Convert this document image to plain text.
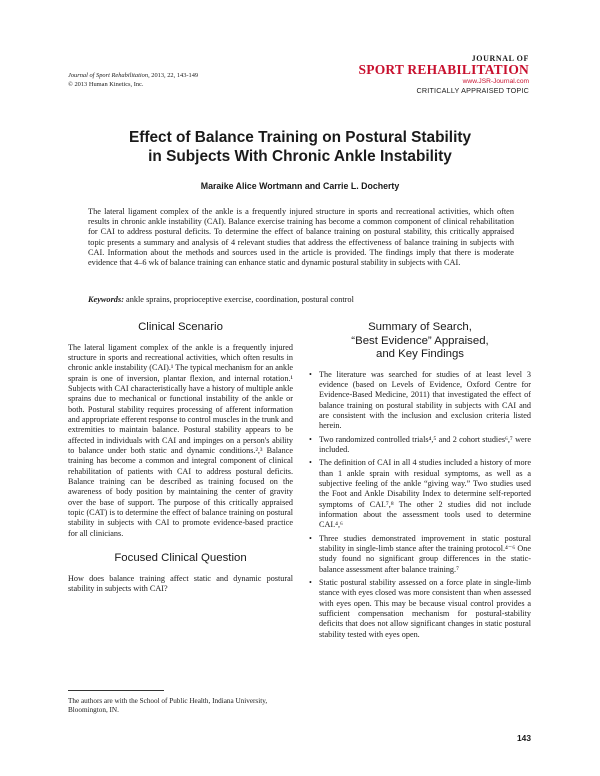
Journal of Sport Rehabilitation, 2013, 22, 143-149
© 2013 Human Kinetics, Inc.
JOURNAL OF
SPORT REHABILITATION
www.JSR-Journal.com
CRITICALLY APPRAISED TOPIC
Effect of Balance Training on Postural Stability
in Subjects With Chronic Ankle Instability
Maraike Alice Wortmann and Carrie L. Docherty
The lateral ligament complex of the ankle is a frequently injured structure in sports and recreational activities, which often results in chronic ankle instability (CAI). Balance exercise training has become a common component of clinical rehabilitation for CAI to address postural deficits. To determine the effect of balance training on postural stability, this critically appraised topic presents a summary and analysis of 4 relevant studies that address the effectiveness of balance training in subjects with CAI. Information about the methods and sources used in the article is provided. The findings imply that there is moderate evidence that 4–6 wk of balance training can enhance static and dynamic postural stability in subjects with CAI.
Keywords: ankle sprains, proprioceptive exercise, coordination, postural control
Clinical Scenario

The lateral ligament complex of the ankle is a frequently injured structure in sports and recreational activities, which often results in chronic ankle instability (CAI).¹ The typical mechanism for an ankle sprain is one of inversion, plantar flexion, and internal rotation.¹ Subjects with CAI characteristically have a history of multiple ankle sprains due to mechanical or functional instability of the ankle or both. Postural stability requires processing of afferent information and appropriate efferent response to control muscles in the trunk and extremities to maintain balance. Postural stability appears to be affected in individuals with CAI and impinges on a person's ability to balance under both static and dynamic conditions.²,³ Balance training has become a common and integral component of clinical rehabilitation of patients with CAI to address postural deficits. Balance training can be described as training focused on the awareness of body position by maintaining the center of gravity over the base of support. The purpose of this critically appraised topic (CAT) is to determine the effect of balance training on postural stability in subjects with CAI to promote evidence-based practice for all clinicians.

Focused Clinical Question

How does balance training affect static and dynamic postural stability in subjects with CAI?

The authors are with the School of Public Health, Indiana University, Bloomington, IN.
Summary of Search,
“Best Evidence” Appraised,
and Key Findings
• The literature was searched for studies of at least level 3 evidence (based on Levels of Evidence, Oxford Centre for Evidence-Based Medicine, 2011) that investigated the effect of balance training on postural stability in subjects with CAI and are consistent with the inclusion and exclusion criteria listed herein.
• Two randomized controlled trials⁴,⁵ and 2 cohort studies⁶,⁷ were included.
• The definition of CAI in all 4 studies included a history of more than 1 ankle sprain with residual symptoms, as well as a subjective feeling of the ankle “giving way.” Two studies used the Foot and Ankle Disability Index to determine self-reported symptoms of CAI.⁷,⁸ The other 2 studies did not include information about the assessment tools used to determine CAI.⁴,⁶
• Three studies demonstrated improvement in static postural stability in single-limb stance after the training protocol.⁴⁻⁶ One study found no significant group differences in the static-balance assessment after balance training.⁷
• Static postural stability assessed on a force plate in single-limb stance with eyes closed was more consistent than when assessed with eyes open. This may be because visual control provides a sufficient compensation mechanism for postural-stability deficits that does not allow significant changes in static postural stability tested with eyes open.
143
